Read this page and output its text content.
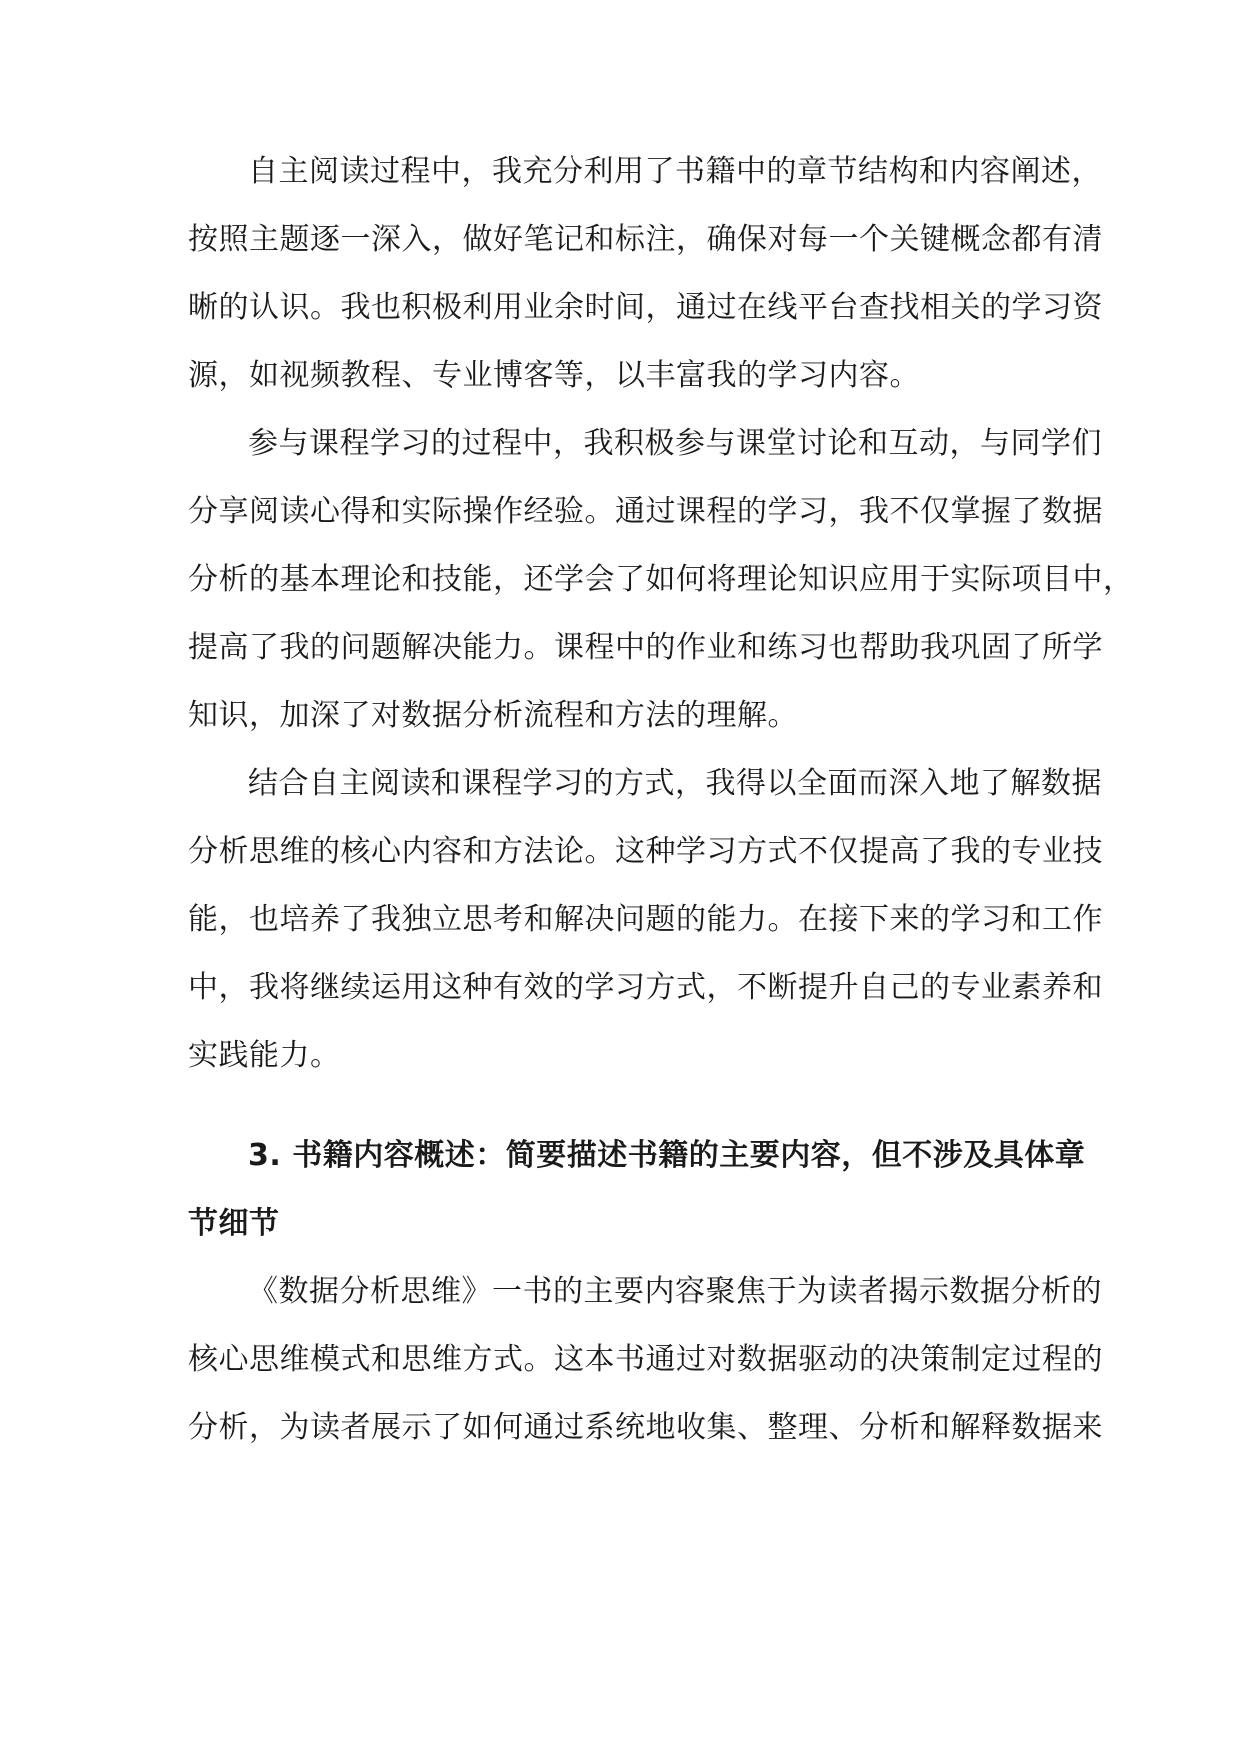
自主阅读过程中，我充分利用了书籍中的章节结构和内容阐述，
按照主题逐一深入，做好笔记和标注，确保对每一个关键概念都有清
晰的认识。我也积极利用业余时间，通过在线平台查找相关的学习资
源，如视频教程、专业博客等，以丰富我的学习内容。
参与课程学习的过程中，我积极参与课堂讨论和互动，与同学们
分享阅读心得和实际操作经验。通过课程的学习，我不仅掌握了数据
分析的基本理论和技能，还学会了如何将理论知识应用于实际项目中，
提高了我的问题解决能力。课程中的作业和练习也帮助我巩固了所学
知识，加深了对数据分析流程和方法的理解。
结合自主阅读和课程学习的方式，我得以全面而深入地了解数据
分析思维的核心内容和方法论。这种学习方式不仅提高了我的专业技
能，也培养了我独立思考和解决问题的能力。在接下来的学习和工作
中，我将继续运用这种有效的学习方式，不断提升自己的专业素养和
实践能力。
3. 书籍内容概述：简要描述书籍的主要内容，但不涉及具体章
节细节
《数据分析思维》一书的主要内容聚焦于为读者揭示数据分析的
核心思维模式和思维方式。这本书通过对数据驱动的决策制定过程的
分析，为读者展示了如何通过系统地收集、整理、分析和解释数据来
